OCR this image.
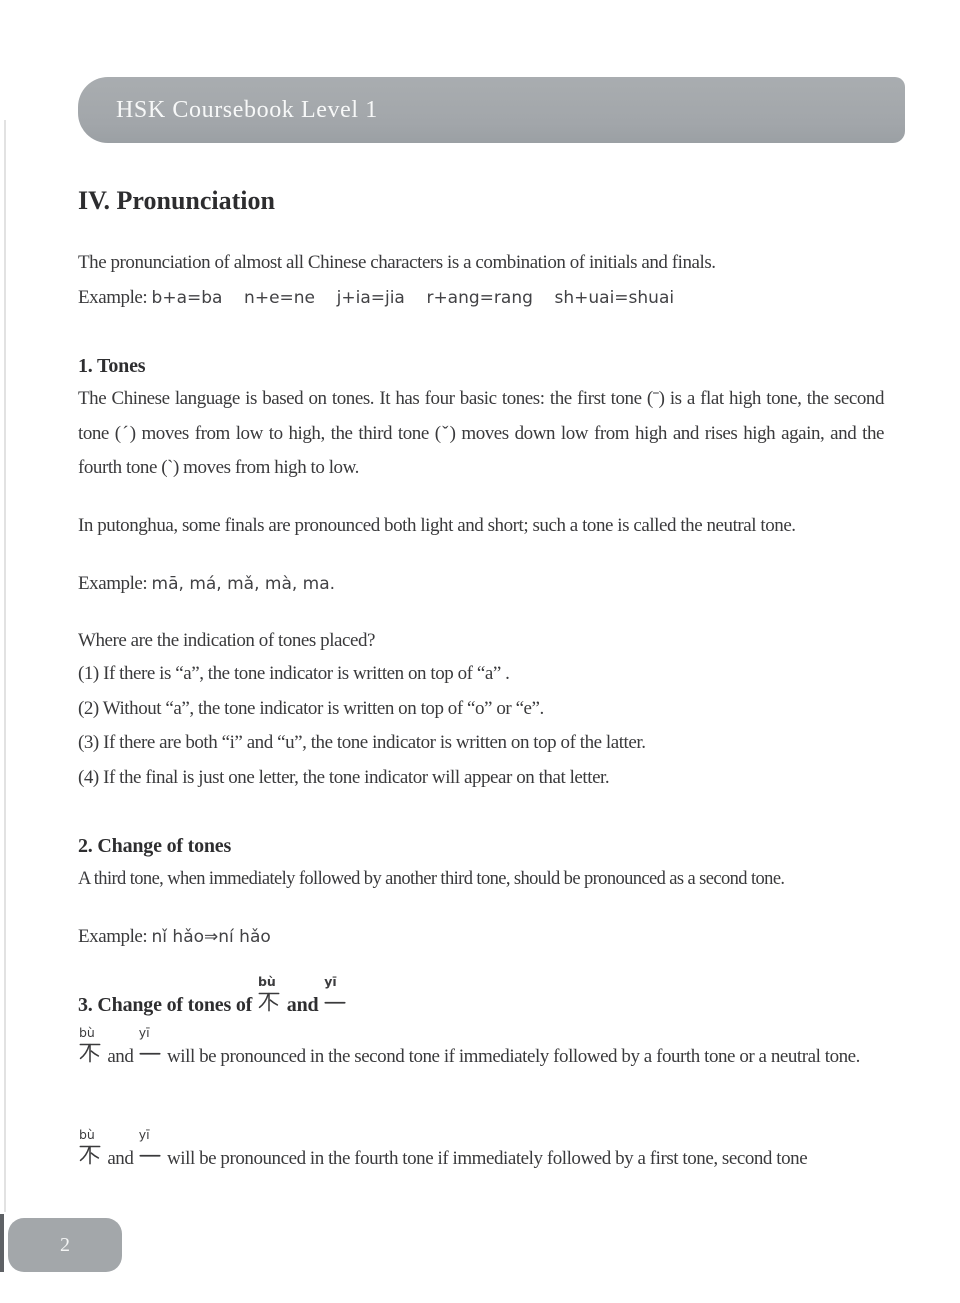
HSK Coursebook Level 1
IV. Pronunciation
The pronunciation of almost all Chinese characters is a combination of initials and finals.
Example: b+a=ba    n+e=ne    j+ia=jia    r+ang=rang    sh+uai=shuai
1. Tones
The Chinese language is based on tones. It has four basic tones: the first tone (ˉ) is a flat high tone, the second tone (ˊ) moves from low to high, the third tone (ˇ) moves down low from high and rises high again, and the fourth tone (ˋ) moves from high to low.
In putonghua, some finals are pronounced both light and short; such a tone is called the neutral tone.
Example: mā, má, mǎ, mà, ma.
Where are the indication of tones placed?
(1) If there is “a”, the tone indicator is written on top of “a” .
(2) Without “a”, the tone indicator is written on top of “o” or “e”.
(3) If there are both “i” and “u”, the tone indicator is written on top of the latter.
(4) If the final is just one letter, the tone indicator will appear on that letter.
2. Change of tones
A third tone, when immediately followed by another third tone, should be pronounced as a second tone.
Example: nǐ hǎo⇒ní hǎo
3. Change of tones of
bù
and
yī
bù
and
yī
will be pronounced in the second tone if immediately followed by a fourth tone or a neutral tone.
bù
and
yī
will be pronounced in the fourth tone if immediately followed by a first tone, second tone
2
